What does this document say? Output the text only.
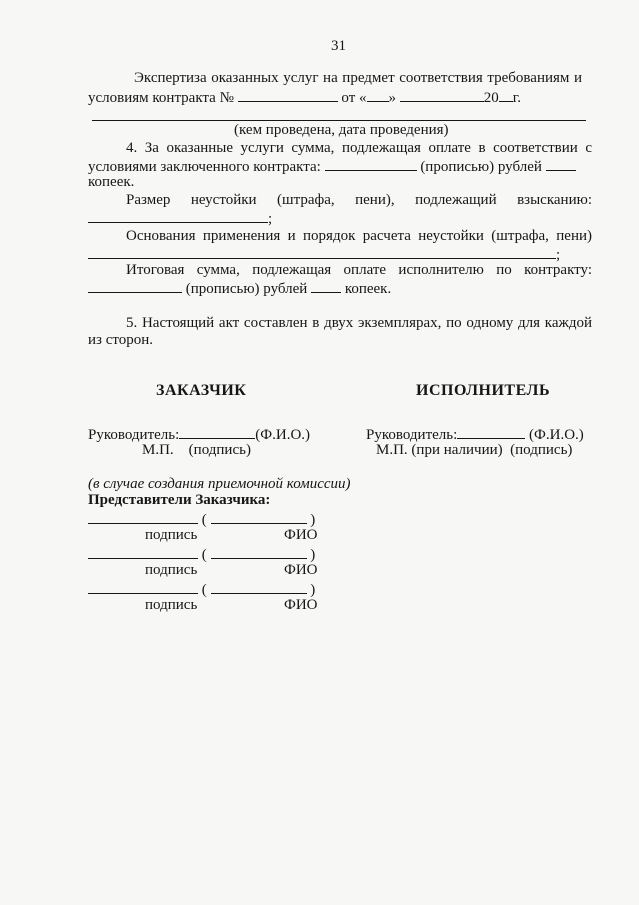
31
Экспертиза оказанных услуг на предмет соответствия требованиям и
условиям контракта №	от « »	20 г.
(кем проведена, дата проведения)
4. За оказанные услуги сумма, подлежащая оплате в соответствии с
условиями заключенного контракта:	(прописью) рублей
копеек.
Размер неустойки (штрафа, пени), подлежащий взысканию:
;
Основания применения и порядок расчета неустойки (штрафа, пени)
;
Итоговая сумма, подлежащая оплате исполнителю по контракту:
(прописью) рублей	копеек.
5. Настоящий акт составлен в двух экземплярах, по одному для каждой
из сторон.
ЗАКАЗЧИК	ИСПОЛНИТЕЛЬ
Руководитель:	(Ф.И.О.)
М.П. (подпись)
Руководитель:	(Ф.И.О.)
М.П. (при наличии) (подпись)
(в случае создания приемочной комиссии)
Представители Заказчика:
(	)
подпись	ФИО
(	)
подпись	ФИО
(	)
подпись	ФИО
